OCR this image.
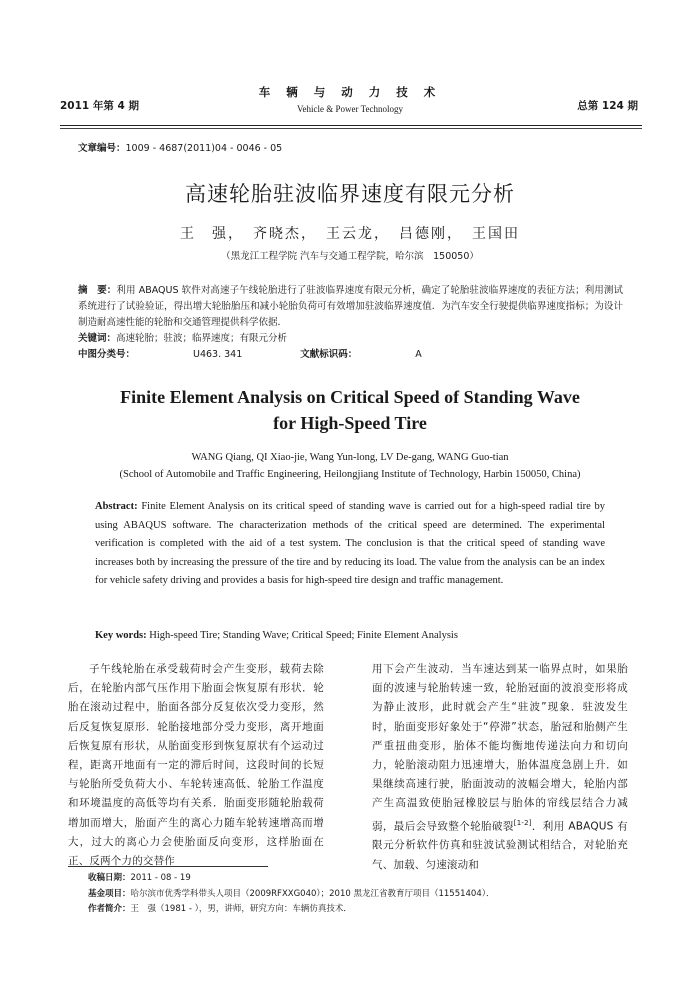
2011 年第 4 期
车 辆 与 动 力 技 术
Vehicle & Power Technology	总第 124 期
文章编号：1009 - 4687(2011)04 - 0046 - 05
高速轮胎驻波临界速度有限元分析
王　强，　齐晓杰，　王云龙，　吕德刚，　王国田
（黑龙江工程学院 汽车与交通工程学院，哈尔滨　150050）
摘　要：利用 ABAQUS 软件对高速子午线轮胎进行了驻波临界速度有限元分析，确定了轮胎驻波临界速度的表征方法；利用测试系统进行了试验验证，得出增大轮胎胎压和减小轮胎负荷可有效增加驻波临界速度值．为汽车安全行驶提供临界速度指标；为设计制造耐高速性能的轮胎和交通管理提供科学依据．
关键词：高速轮胎；驻波；临界速度；有限元分析
中图分类号：	U463. 341	文献标识码：	A
Finite Element Analysis on Critical Speed of Standing Wave
for High-Speed Tire
WANG Qiang, QI Xiao-jie, Wang Yun-long, LV De-gang, WANG Guo-tian
(School of Automobile and Traffic Engineering, Heilongjiang Institute of Technology, Harbin 150050, China)
Abstract: Finite Element Analysis on its critical speed of standing wave is carried out for a high-speed radial tire by using ABAQUS software. The characterization methods of the critical speed are determined. The experimental verification is completed with the aid of a test system. The conclusion is that the critical speed of standing wave increases both by increasing the pressure of the tire and by reducing its load. The value from the analysis can be an index for vehicle safety driving and provides a basis for high-speed tire design and traffic management.
Key words: High-speed Tire; Standing Wave; Critical Speed; Finite Element Analysis
子午线轮胎在承受载荷时会产生变形，载荷去除后，在轮胎内部气压作用下胎面会恢复原有形状．轮胎在滚动过程中，胎面各部分反复依次受力变形，然后反复恢复原形．轮胎接地部分受力变形，离开地面后恢复原有形状，从胎面变形到恢复原状有个运动过程，距离开地面有一定的滞后时间，这段时间的长短与轮胎所受负荷大小、车轮转速高低、轮胎工作温度和环境温度的高低等均有关系．胎面变形随轮胎载荷增加而增大，胎面产生的离心力随车轮转速增高而增大，过大的离心力会使胎面反向变形，这样胎面在正、反两个力的交替作
用下会产生波动．当车速达到某一临界点时，如果胎面的波速与轮胎转速一致，轮胎冠面的波浪变形将成为静止波形，此时就会产生“驻波”现象．驻波发生时，胎面变形好象处于“停滞”状态，胎冠和胎侧产生严重扭曲变形，胎体不能均衡地传递法向力和切向力，轮胎滚动阻力迅速增大，胎体温度急剧上升．如果继续高速行驶，胎面波动的波幅会增大，轮胎内部产生高温致使胎冠橡胶层与胎体的帘线层结合力减弱，最后会导致整个轮胎破裂[1-2]．利用 ABAQUS 有限元分析软件仿真和驻波试验测试相结合，对轮胎充气、加载、匀速滚动和
收稿日期：2011 - 08 - 19
基金项目：哈尔滨市优秀学科带头人项目（2009RFXXG040）；2010 黑龙江省教育厅项目（11551404）．
作者简介：王　强（1981 - ），男，讲师，研究方向：车辆仿真技术．
